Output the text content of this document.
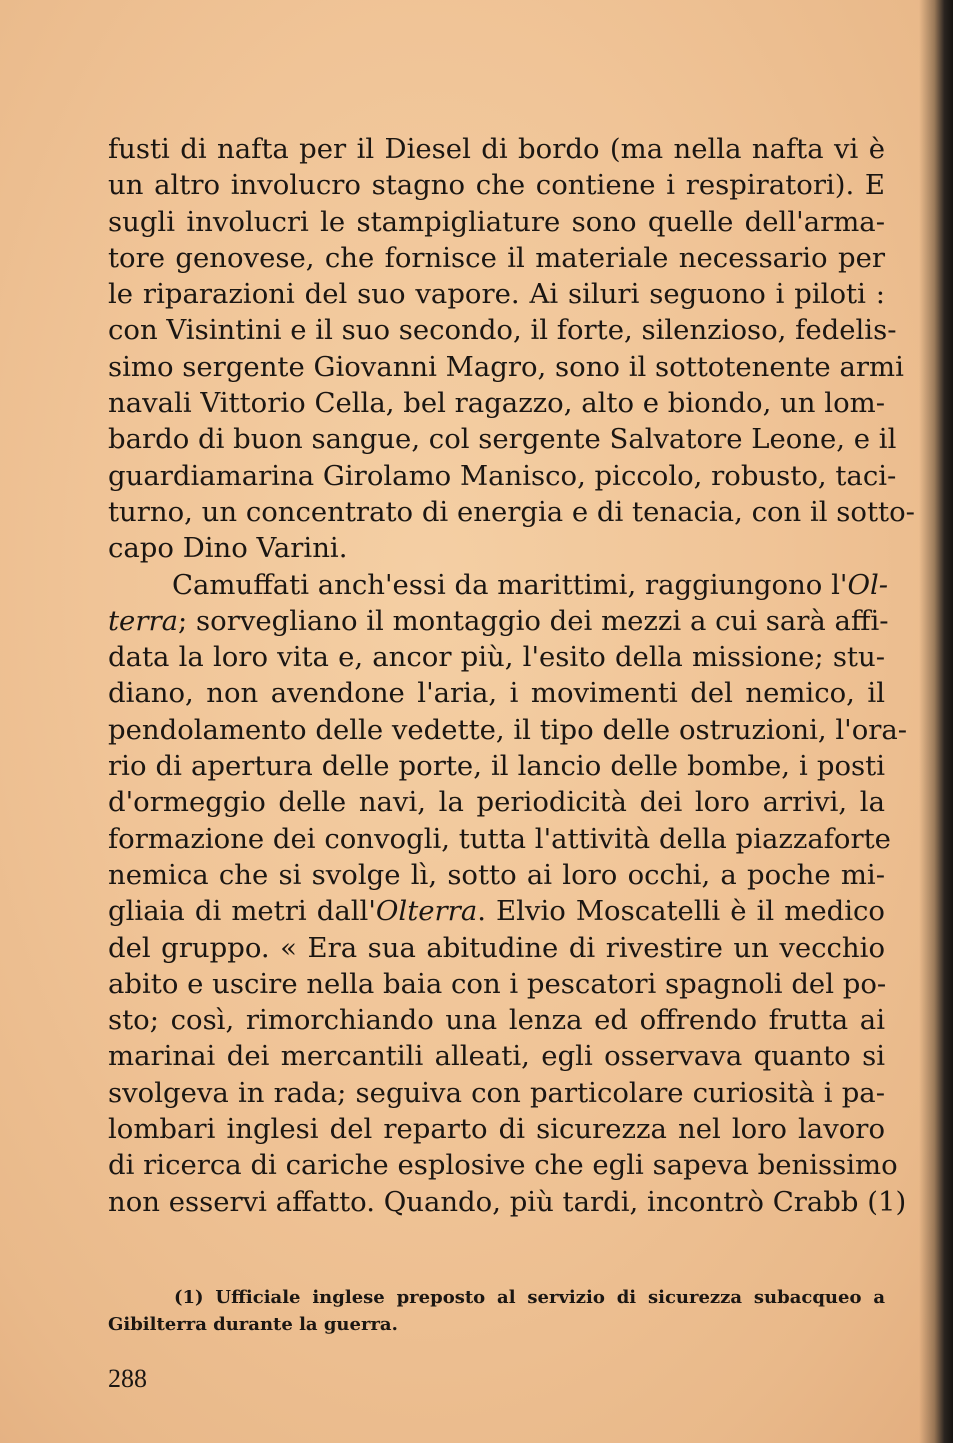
fusti di nafta per il Diesel di bordo (ma nella nafta vi è
un altro involucro stagno che contiene i respiratori). E
sugli involucri le stampigliature sono quelle dell'arma-
tore genovese, che fornisce il materiale necessario per
le riparazioni del suo vapore. Ai siluri seguono i piloti :
con Visintini e il suo secondo, il forte, silenzioso, fedelis-
simo sergente Giovanni Magro, sono il sottotenente armi
navali Vittorio Cella, bel ragazzo, alto e biondo, un lom-
bardo di buon sangue, col sergente Salvatore Leone, e il
guardiamarina Girolamo Manisco, piccolo, robusto, taci-
turno, un concentrato di energia e di tenacia, con il sotto-
capo Dino Varini.
Camuffati anch'essi da marittimi, raggiungono l'Ol-
terra; sorvegliano il montaggio dei mezzi a cui sarà affi-
data la loro vita e, ancor più, l'esito della missione; stu-
diano, non avendone l'aria, i movimenti del nemico, il
pendolamento delle vedette, il tipo delle ostruzioni, l'ora-
rio di apertura delle porte, il lancio delle bombe, i posti
d'ormeggio delle navi, la periodicità dei loro arrivi, la
formazione dei convogli, tutta l'attività della piazzaforte
nemica che si svolge lì, sotto ai loro occhi, a poche mi-
gliaia di metri dall'Olterra. Elvio Moscatelli è il medico
del gruppo. « Era sua abitudine di rivestire un vecchio
abito e uscire nella baia con i pescatori spagnoli del po-
sto; così, rimorchiando una lenza ed offrendo frutta ai
marinai dei mercantili alleati, egli osservava quanto si
svolgeva in rada; seguiva con particolare curiosità i pa-
lombari inglesi del reparto di sicurezza nel loro lavoro
di ricerca di cariche esplosive che egli sapeva benissimo
non esservi affatto. Quando, più tardi, incontrò Crabb (1)
(1) Ufficiale inglese preposto al servizio di sicurezza subacqueo a
Gibilterra durante la guerra.
288
